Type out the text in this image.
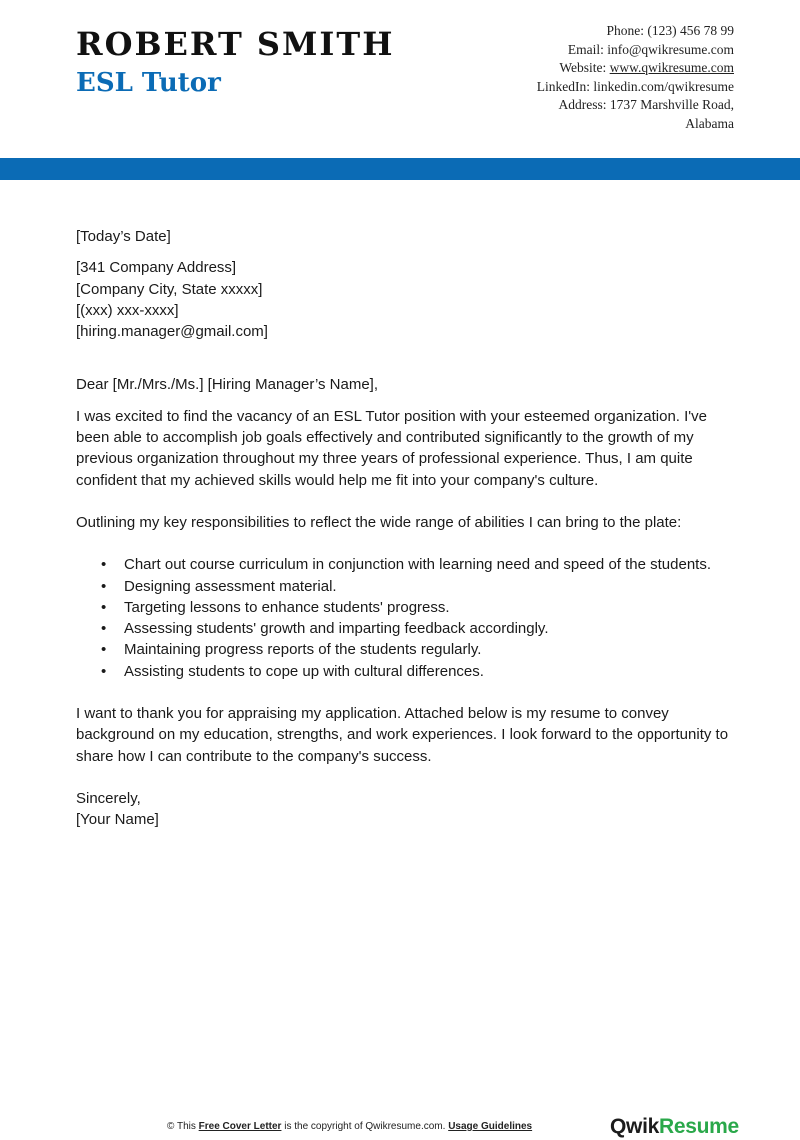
ROBERT SMITH
ESL Tutor
Phone: (123) 456 78 99
Email: info@qwikresume.com
Website: www.qwikresume.com
LinkedIn: linkedin.com/qwikresume
Address: 1737 Marshville Road,
Alabama

[Today’s Date]

[341 Company Address]

[Company City, State xxxxx]

[(xxx) xxx-xxxx]

[hiring.manager@gmail.com]

Dear [Mr./Mrs./Ms.] [Hiring Manager’s Name],

I was excited to find the vacancy of an ESL Tutor position with your esteemed organization. I've been able to accomplish job goals effectively and contributed significantly to the growth of my previous organization throughout my three years of professional experience. Thus, I am quite confident that my achieved skills would help me fit into your company's culture.

Outlining my key responsibilities to reflect the wide range of abilities I can bring to the plate:

• Chart out course curriculum in conjunction with learning need and speed of the students.
• Designing assessment material.
• Targeting lessons to enhance students' progress.
• Assessing students' growth and imparting feedback accordingly.
• Maintaining progress reports of the students regularly.
• Assisting students to cope up with cultural differences.

I want to thank you for appraising my application. Attached below is my resume to convey background on my education, strengths, and work experiences. I look forward to the opportunity to share how I can contribute to the company's success.

Sincerely,

[Your Name]

© This Free Cover Letter is the copyright of Qwikresume.com. Usage Guidelines	QwikResume
